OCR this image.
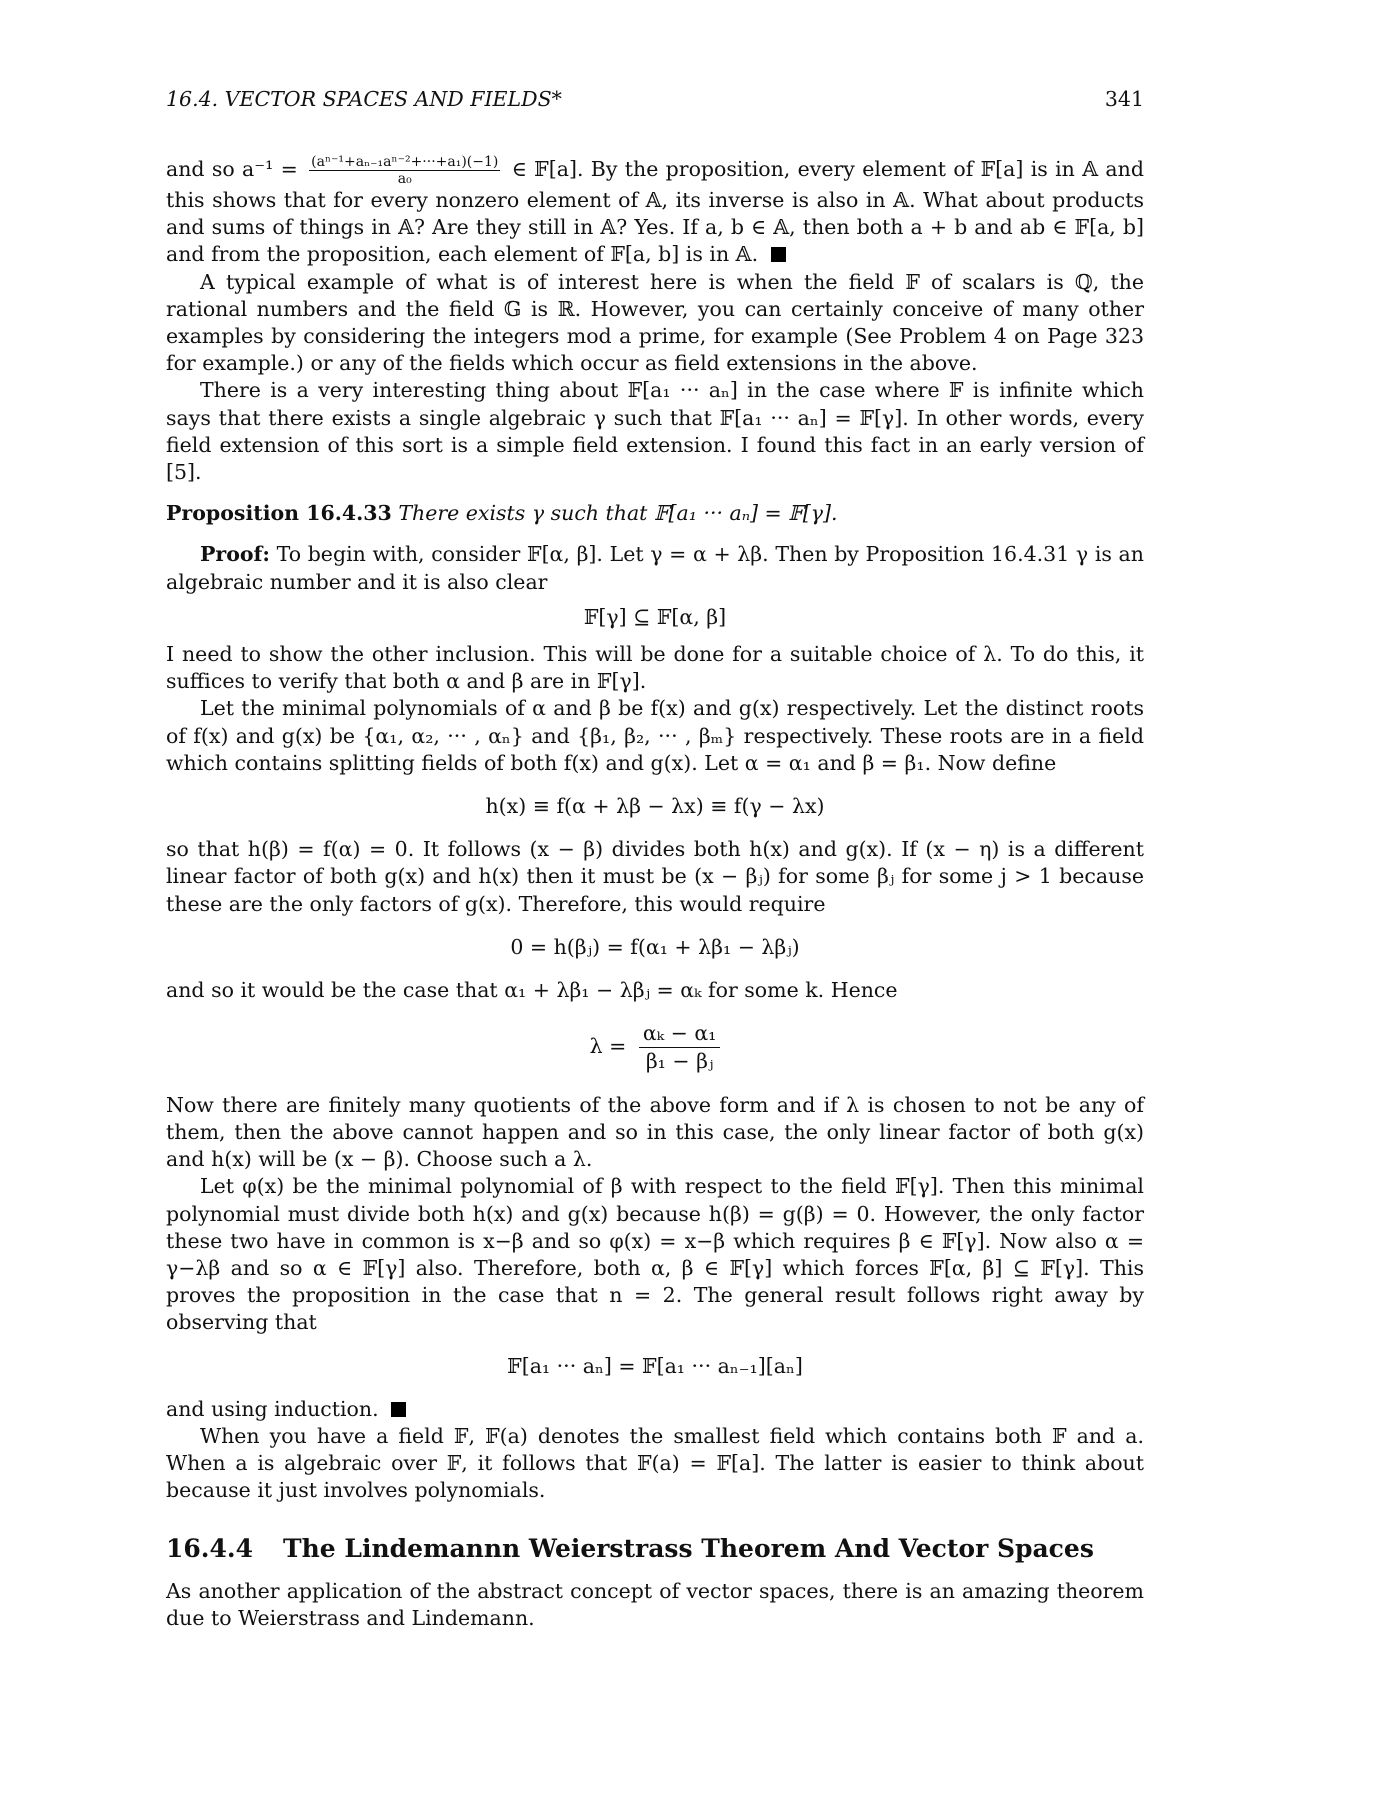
16.4. VECTOR SPACES AND FIELDS*	341

and so $a^{-1} = \frac{\text{(aⁿ⁻¹+aₙ₋₁aⁿ⁻²+···+a₁)(−1)}}{\text{a₀}}$ ∈ 𝔽[a]. By the proposition, every element of 𝔽[a] is in 𝔸 and this shows that for every nonzero element of 𝔸, its inverse is also in 𝔸. What about products and sums of things in 𝔸? Are they still in 𝔸? Yes. If a, b ∈ 𝔸, then both a + b and ab ∈ 𝔽[a, b] and from the proposition, each element of 𝔽[a, b] is in 𝔸.

A typical example of what is of interest here is when the field 𝔽 of scalars is ℚ, the rational numbers and the field 𝔾 is ℝ. However, you can certainly conceive of many other examples by considering the integers mod a prime, for example (See Problem 4 on Page 323 for example.) or any of the fields which occur as field extensions in the above.

There is a very interesting thing about 𝔽[a₁ ··· aₙ] in the case where 𝔽 is infinite which says that there exists a single algebraic γ such that 𝔽[a₁ ··· aₙ] = 𝔽[γ]. In other words, every field extension of this sort is a simple field extension. I found this fact in an early version of [5].

Proposition 16.4.33 There exists γ such that 𝔽[a₁ ··· aₙ] = 𝔽[γ].

Proof: To begin with, consider 𝔽[α, β]. Let γ = α + λβ. Then by Proposition 16.4.31 γ is an algebraic number and it is also clear

𝔽[γ] ⊆ 𝔽[α, β]

I need to show the other inclusion. This will be done for a suitable choice of λ. To do this, it suffices to verify that both α and β are in 𝔽[γ].

Let the minimal polynomials of α and β be f(x) and g(x) respectively. Let the distinct roots of f(x) and g(x) be {α₁, α₂, ··· , αₙ} and {β₁, β₂, ··· , βₘ} respectively. These roots are in a field which contains splitting fields of both f(x) and g(x). Let α = α₁ and β = β₁. Now define

h(x) ≡ f(α + λβ − λx) ≡ f(γ − λx)

so that h(β) = f(α) = 0. It follows (x − β) divides both h(x) and g(x). If (x − η) is a different linear factor of both g(x) and h(x) then it must be (x − βⱼ) for some βⱼ for some j > 1 because these are the only factors of g(x). Therefore, this would require

0 = h(βⱼ) = f(α₁ + λβ₁ − λβⱼ)

and so it would be the case that α₁ + λβ₁ − λβⱼ = αₖ for some k. Hence

$\lambda = \frac{\text{αₖ − α₁}}{\text{β₁ − βⱼ}}$

Now there are finitely many quotients of the above form and if λ is chosen to not be any of them, then the above cannot happen and so in this case, the only linear factor of both g(x) and h(x) will be (x − β). Choose such a λ.

Let φ(x) be the minimal polynomial of β with respect to the field 𝔽[γ]. Then this minimal polynomial must divide both h(x) and g(x) because h(β) = g(β) = 0. However, the only factor these two have in common is x−β and so φ(x) = x−β which requires β ∈ 𝔽[γ]. Now also α = γ−λβ and so α ∈ 𝔽[γ] also. Therefore, both α, β ∈ 𝔽[γ] which forces 𝔽[α, β] ⊆ 𝔽[γ]. This proves the proposition in the case that n = 2. The general result follows right away by observing that

𝔽[a₁ ··· aₙ] = 𝔽[a₁ ··· aₙ₋₁][aₙ]

and using induction.

When you have a field 𝔽, 𝔽(a) denotes the smallest field which contains both 𝔽 and a. When a is algebraic over 𝔽, it follows that 𝔽(a) = 𝔽[a]. The latter is easier to think about because it just involves polynomials.

16.4.4 The Lindemannn Weierstrass Theorem And Vector Spaces

As another application of the abstract concept of vector spaces, there is an amazing theorem due to Weierstrass and Lindemann.
